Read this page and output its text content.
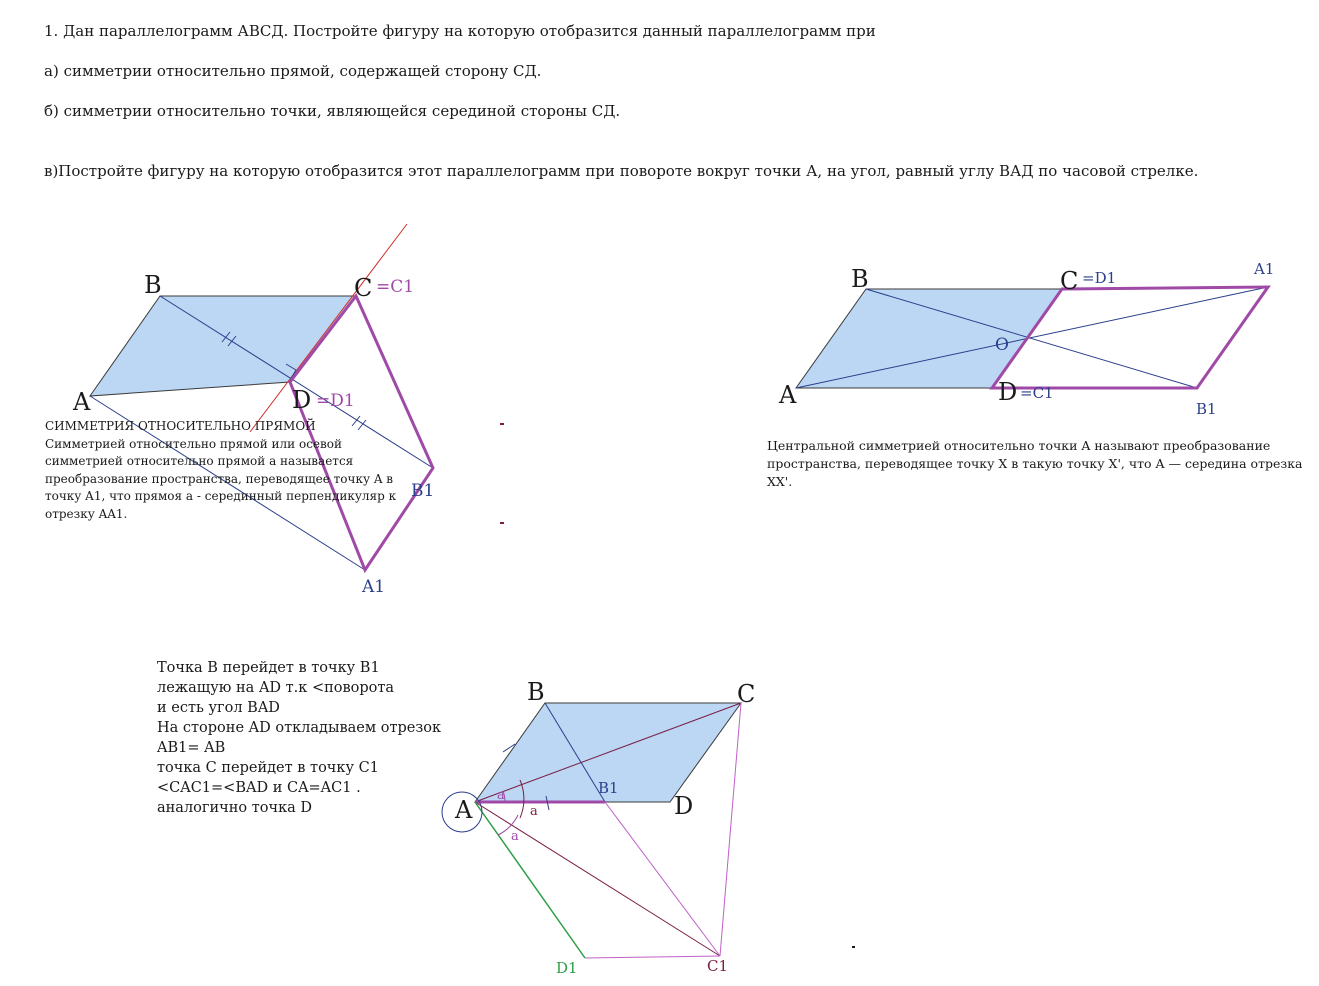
1. Дан параллелограмм АВСД. Постройте фигуру на которую отобразится данный параллелограмм при
а) симметрии относительно прямой, содержащей сторону СД.
б) симметрии относительно точки, являющейся серединой стороны СД.
в)Постройте фигуру на которую отобразится этот параллелограмм при повороте вокруг точки А, на угол, равный углу ВАД по часовой стрелке.
A
B	C =C1
D =D1
B1
A1
A
B	C =D1
D =C1
A1
B1
O
A
B	C
D
B1
C1
D1
a
a
a
СИММЕТРИЯ ОТНОСИТЕЛЬНО ПРЯМОЙ
Симметрией относительно прямой или осевой симметрией относительно прямой a называется преобразование пространства, переводящее точку A в точку A1, что прямоя a - серединный перпендикуляр к отрезку AA1.
Центральной симметрией относительно точки A называют преобразование пространства, переводящее точку X в такую точку X', что A — середина отрезка XX'.
Точка В перейдет в точку В1
лежащую на AD т.к <поворота
и есть угол BAD
На стороне AD откладываем отрезок
AB1= AB
точка С перейдет в точку С1
<CAC1=<BAD и CA=AC1 .
аналогично точка D
